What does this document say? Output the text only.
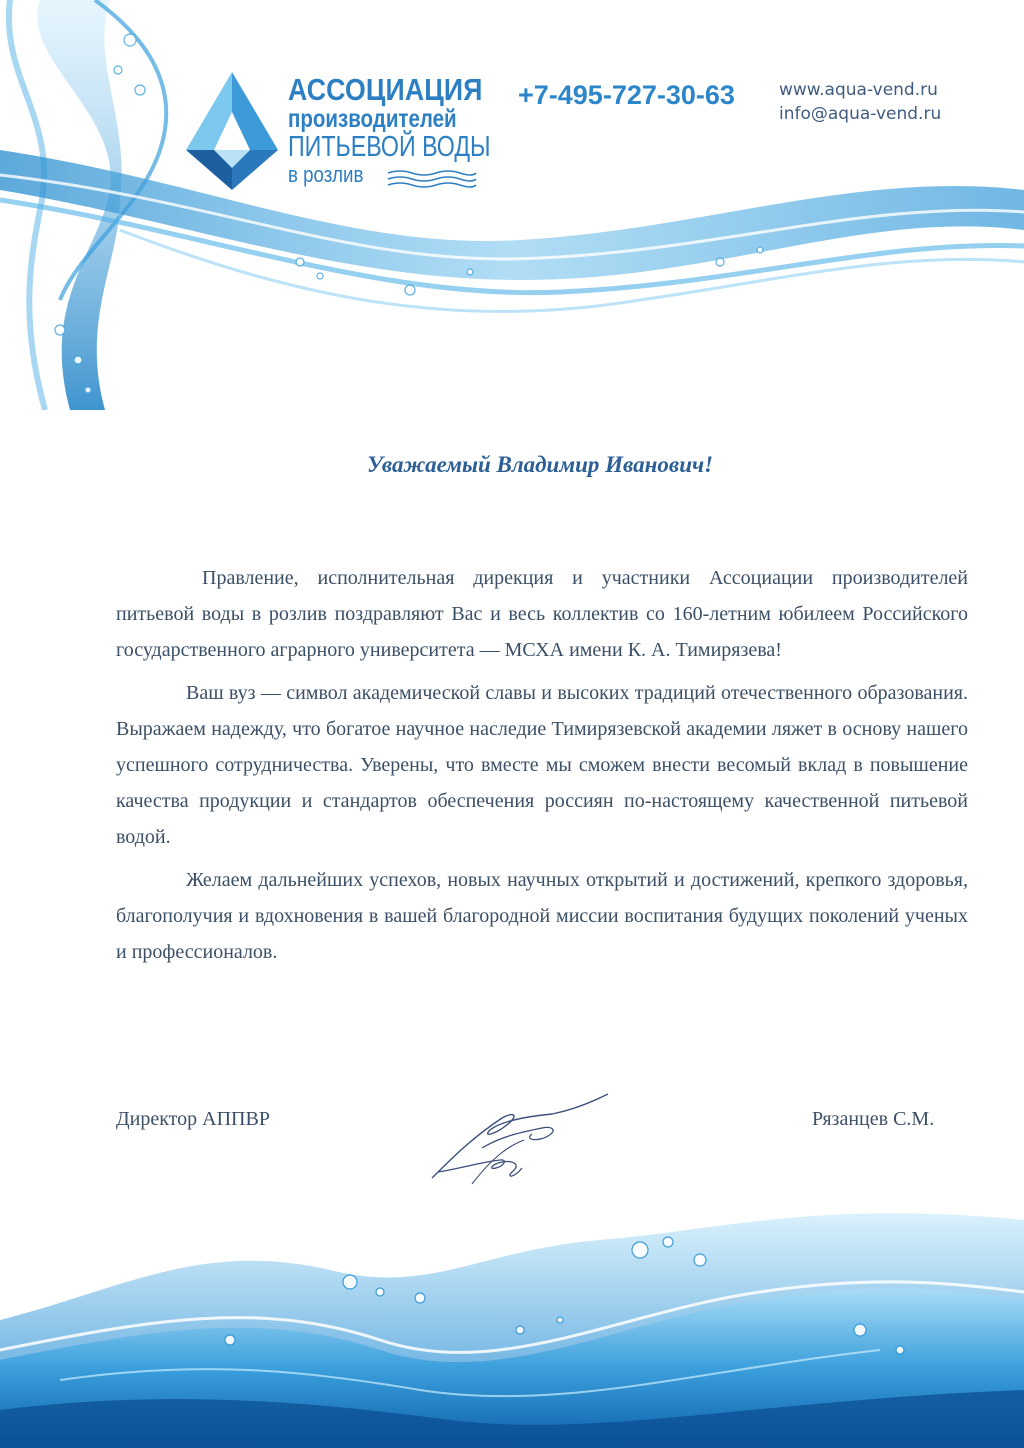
АССОЦИАЦИЯ
производителей
ПИТЬЕВОЙ ВОДЫ
в розлив
+7-495-727-30-63	www.aqua-vend.ru
info@aqua-vend.ru
Уважаемый Владимир Иванович!

Правление, исполнительная дирекция и участники Ассоциации производителей питьевой воды в розлив поздравляют Вас и весь коллектив со 160-летним юбилеем Российского государственного аграрного университета — МСХА имени К. А. Тимирязева!

Ваш вуз — символ академической славы и высоких традиций отечественного образования. Выражаем надежду, что богатое научное наследие Тимирязевской академии ляжет в основу нашего успешного сотрудничества. Уверены, что вместе мы сможем внести весомый вклад в повышение качества продукции и стандартов обеспечения россиян по-настоящему качественной питьевой водой.

Желаем дальнейших успехов, новых научных открытий и достижений, крепкого здоровья, благополучия и вдохновения в вашей благородной миссии воспитания будущих поколений ученых и профессионалов.

Директор АППВР	Рязанцев С.М.
